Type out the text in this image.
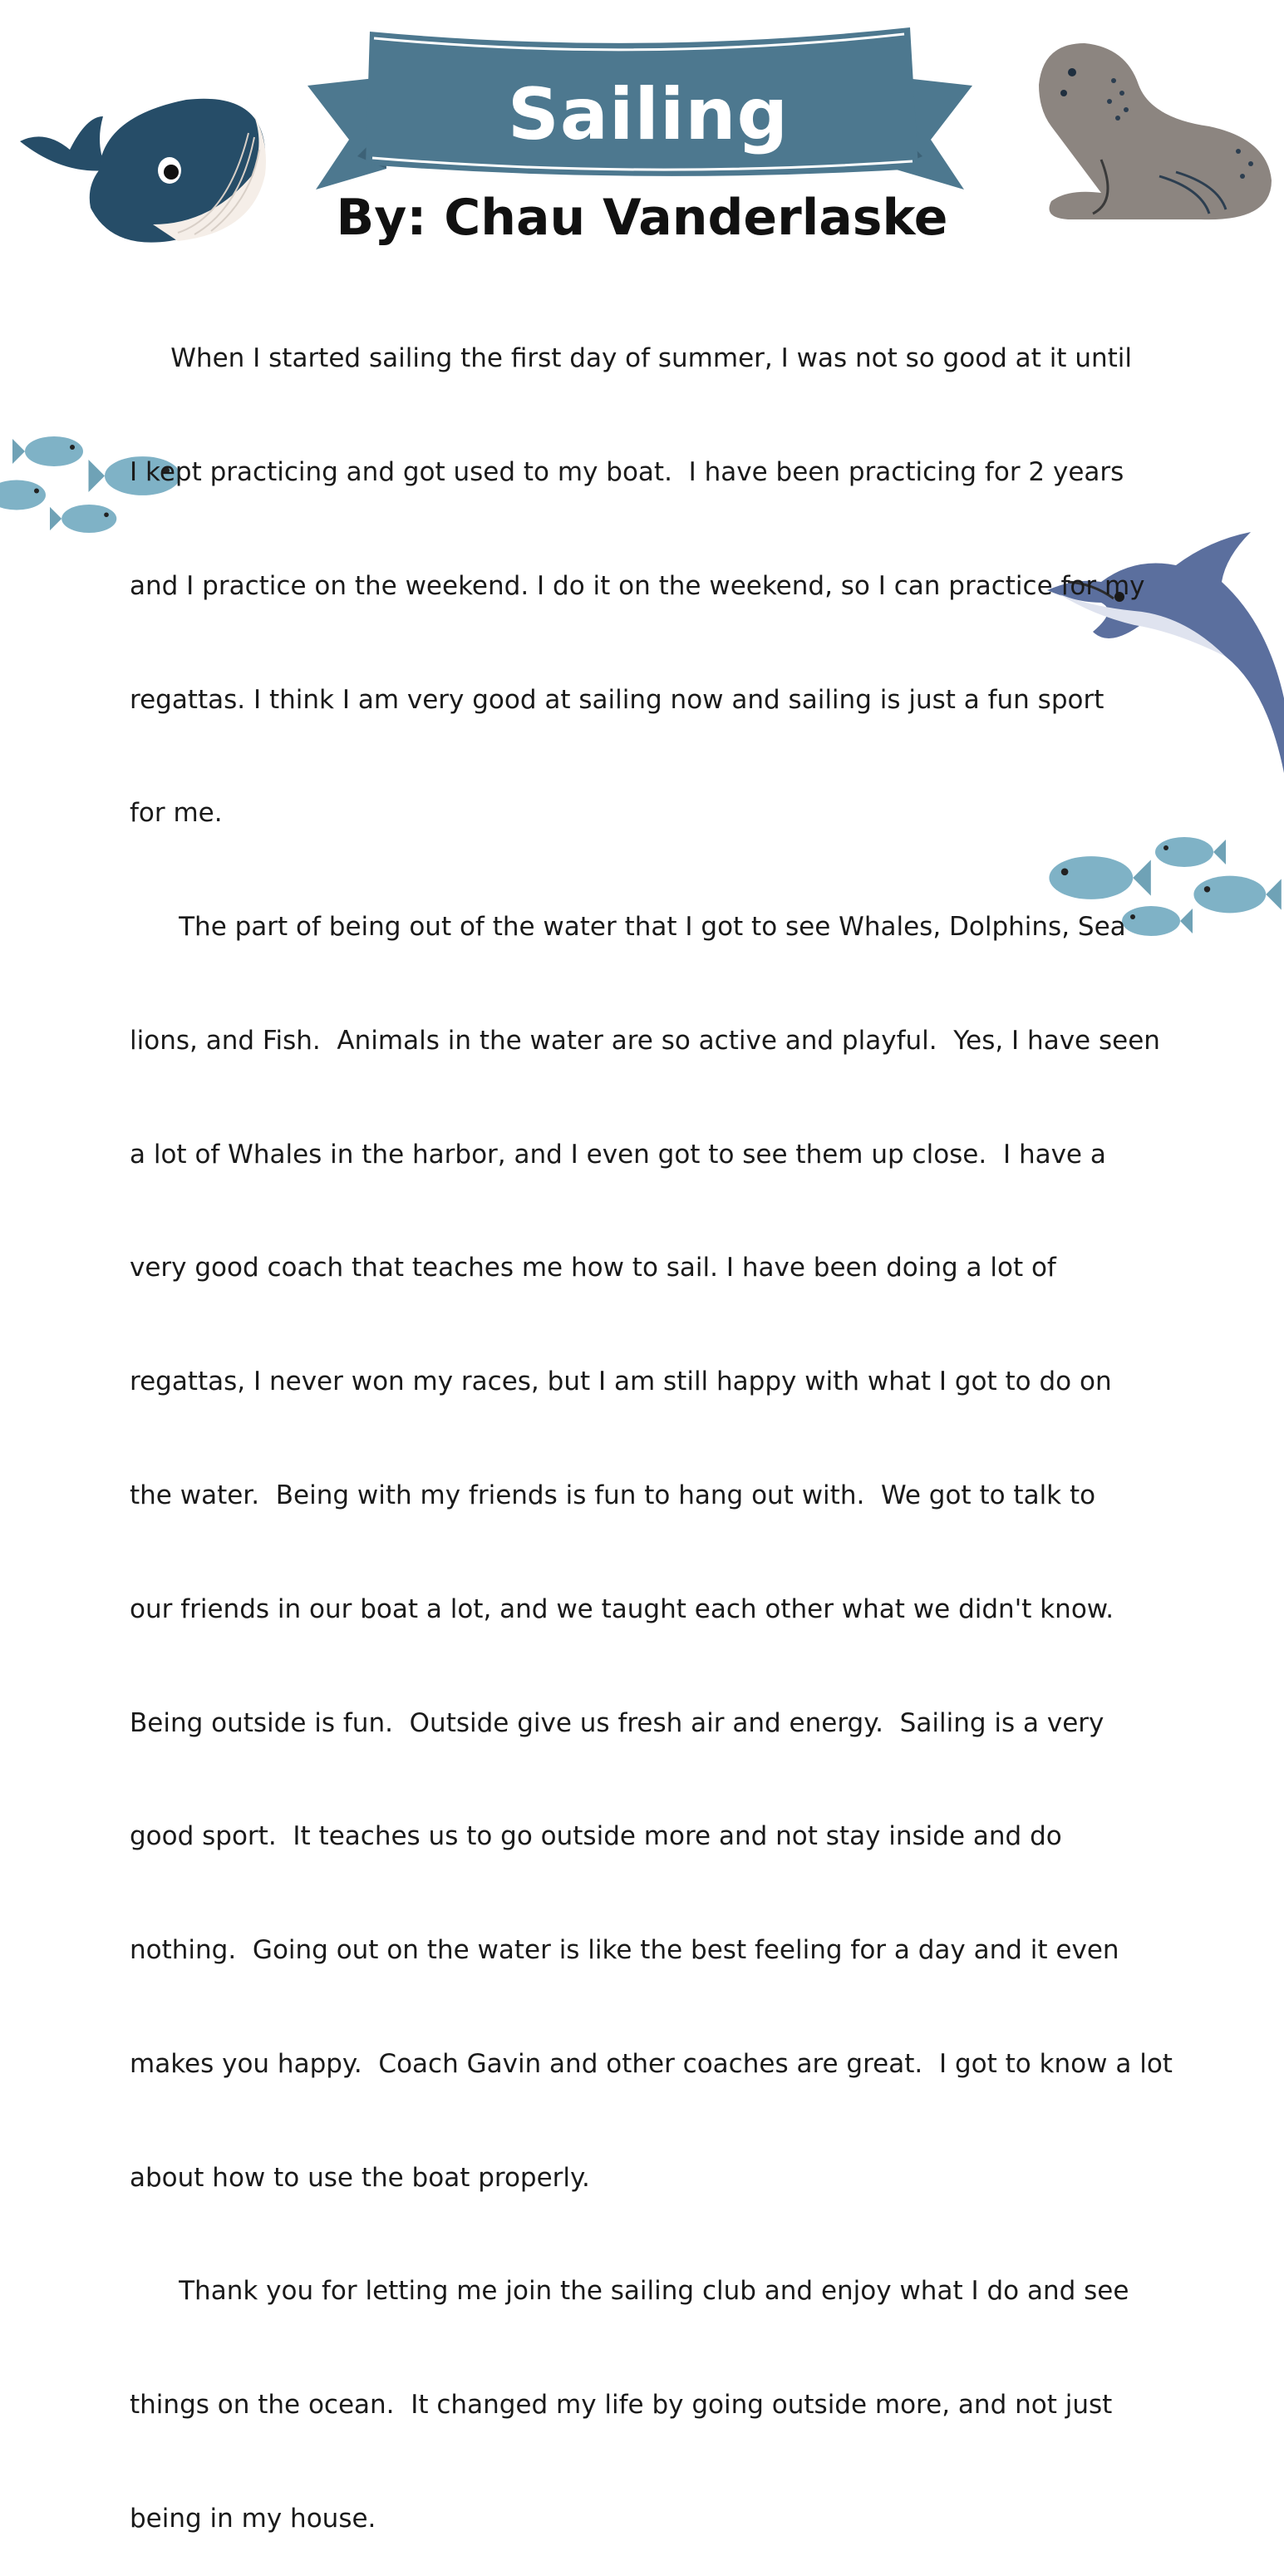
Sailing
By: Chau Vanderlaske

When I started sailing the first day of summer, I was not so good at it until

I kept practicing and got used to my boat.  I have been practicing for 2 years

and I practice on the weekend. I do it on the weekend, so I can practice for my

regattas. I think I am very good at sailing now and sailing is just a fun sport

for me.

The part of being out of the water that I got to see Whales, Dolphins, Sea

lions, and Fish.  Animals in the water are so active and playful.  Yes, I have seen

a lot of Whales in the harbor, and I even got to see them up close.  I have a

very good coach that teaches me how to sail. I have been doing a lot of

regattas, I never won my races, but I am still happy with what I got to do on

the water.  Being with my friends is fun to hang out with.  We got to talk to

our friends in our boat a lot, and we taught each other what we didn't know.

Being outside is fun.  Outside give us fresh air and energy.  Sailing is a very

good sport.  It teaches us to go outside more and not stay inside and do

nothing.  Going out on the water is like the best feeling for a day and it even

makes you happy.  Coach Gavin and other coaches are great.  I got to know a lot

about how to use the boat properly.

Thank you for letting me join the sailing club and enjoy what I do and see

things on the ocean.  It changed my life by going outside more, and not just

being in my house.
